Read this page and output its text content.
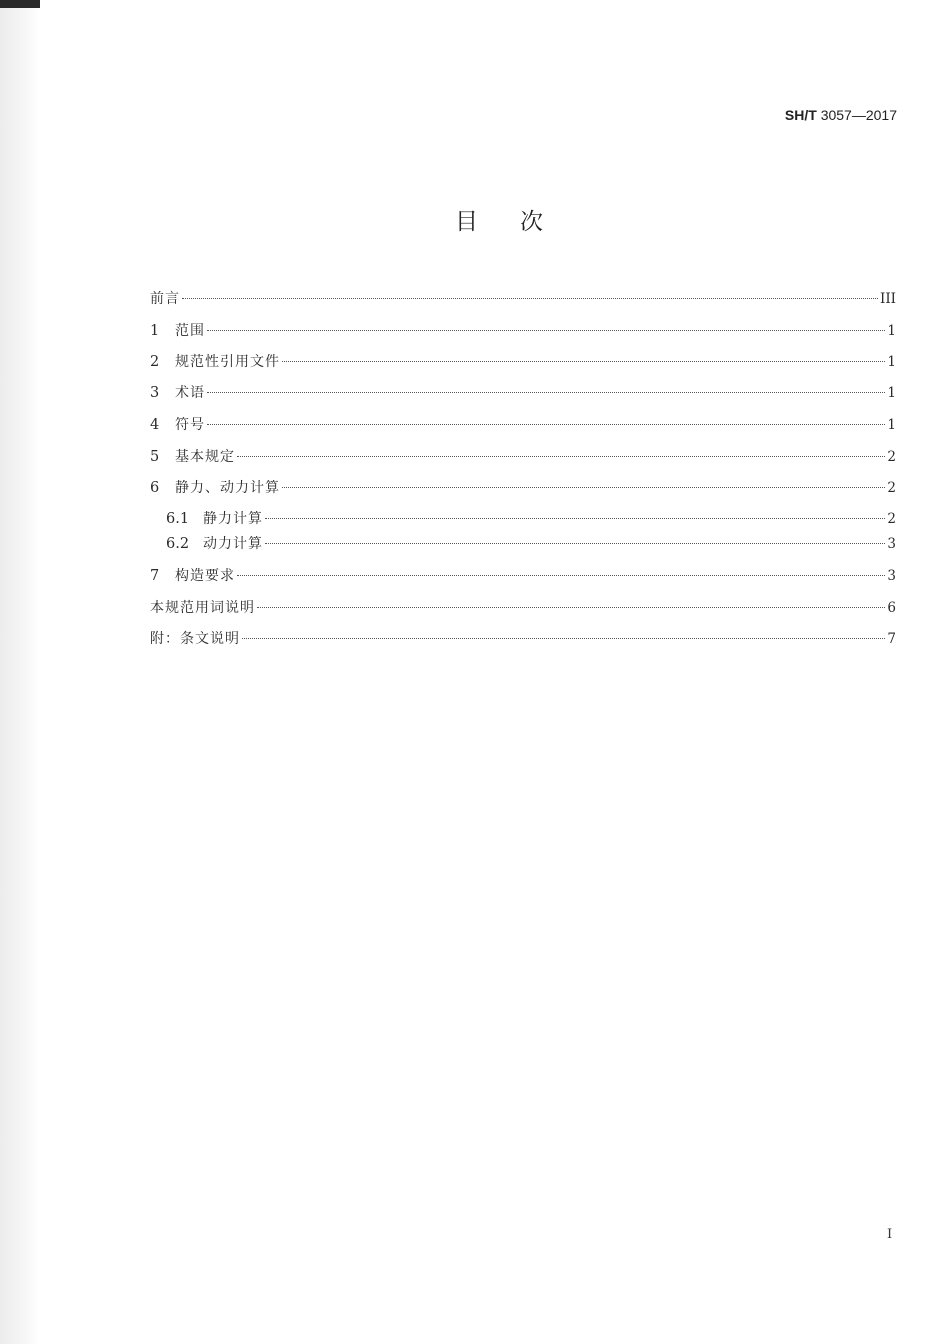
SH/T 3057—2017
目次
前言	III
1	范围	1
2	规范性引用文件	1
3	术语	1
4	符号	1
5	基本规定	2
6	静力、动力计算	2
6.1 静力计算	2
6.2 动力计算	3
7	构造要求	3
本规范用词说明	6
附：条文说明	7
I
